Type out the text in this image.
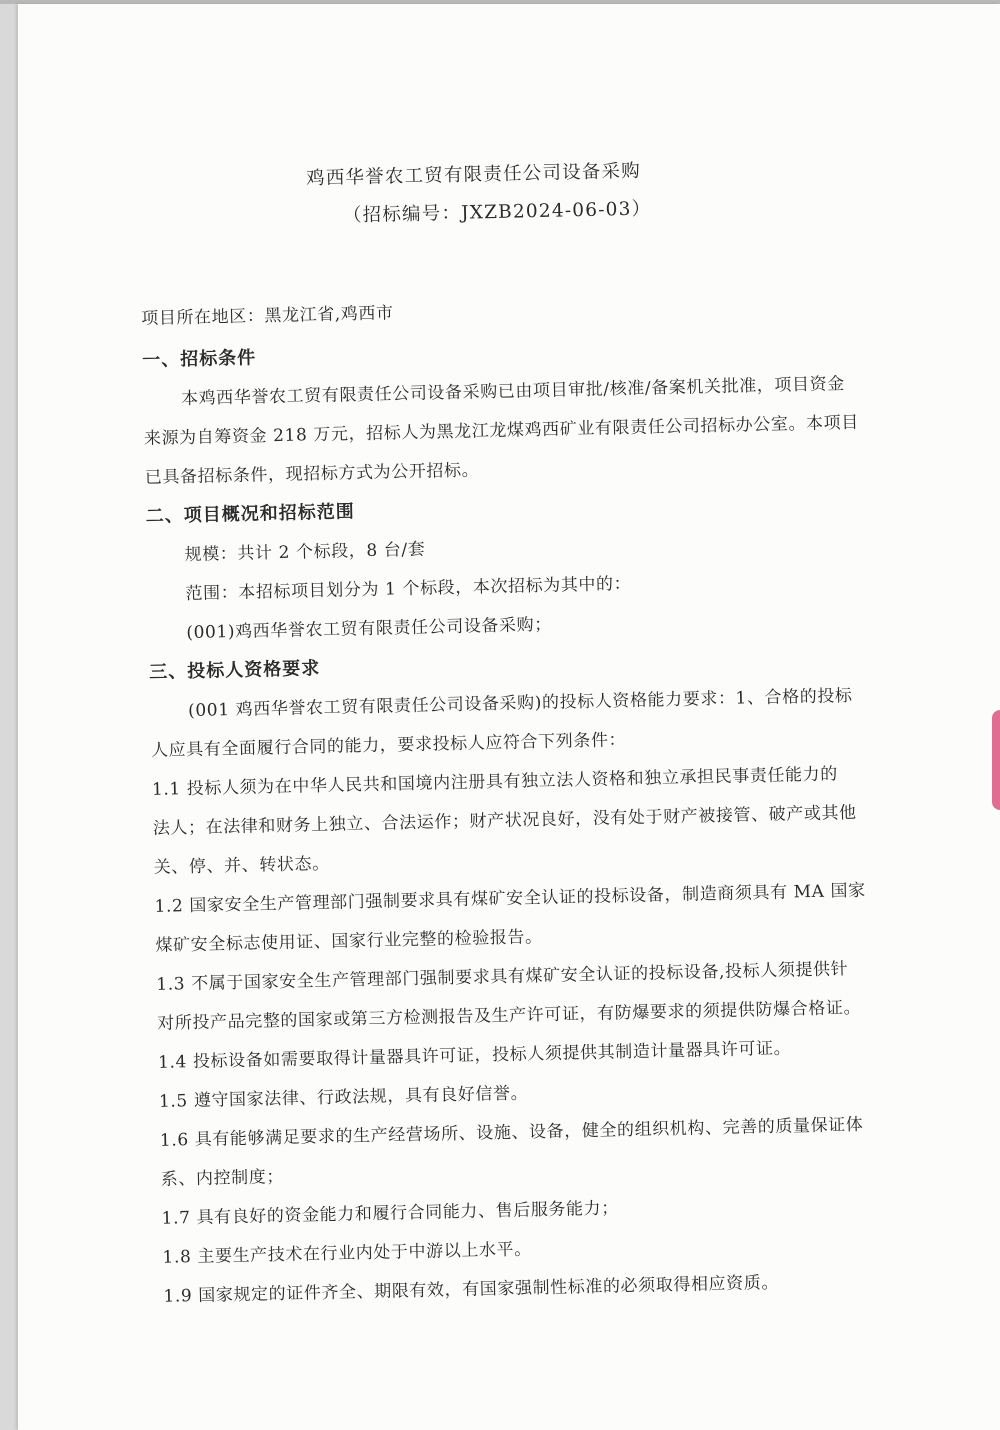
鸡西华誉农工贸有限责任公司设备采购
（招标编号：JXZB2024-06-03）
项目所在地区：黑龙江省,鸡西市
一、招标条件
本鸡西华誉农工贸有限责任公司设备采购已由项目审批/核准/备案机关批准，项目资金
来源为自筹资金 218 万元，招标人为黑龙江龙煤鸡西矿业有限责任公司招标办公室。本项目
已具备招标条件，现招标方式为公开招标。
二、项目概况和招标范围
规模：共计 2 个标段，8 台/套
范围：本招标项目划分为 1 个标段，本次招标为其中的：
(001)鸡西华誉农工贸有限责任公司设备采购；
三、投标人资格要求
(001 鸡西华誉农工贸有限责任公司设备采购)的投标人资格能力要求：1、合格的投标
人应具有全面履行合同的能力，要求投标人应符合下列条件：
1.1 投标人须为在中华人民共和国境内注册具有独立法人资格和独立承担民事责任能力的
法人；在法律和财务上独立、合法运作；财产状况良好，没有处于财产被接管、破产或其他
关、停、并、转状态。
1.2 国家安全生产管理部门强制要求具有煤矿安全认证的投标设备，制造商须具有 MA 国家
煤矿安全标志使用证、国家行业完整的检验报告。
1.3 不属于国家安全生产管理部门强制要求具有煤矿安全认证的投标设备,投标人须提供针
对所投产品完整的国家或第三方检测报告及生产许可证，有防爆要求的须提供防爆合格证。
1.4 投标设备如需要取得计量器具许可证，投标人须提供其制造计量器具许可证。
1.5 遵守国家法律、行政法规，具有良好信誉。
1.6 具有能够满足要求的生产经营场所、设施、设备，健全的组织机构、完善的质量保证体
系、内控制度；
1.7 具有良好的资金能力和履行合同能力、售后服务能力；
1.8 主要生产技术在行业内处于中游以上水平。
1.9 国家规定的证件齐全、期限有效，有国家强制性标准的必须取得相应资质。
